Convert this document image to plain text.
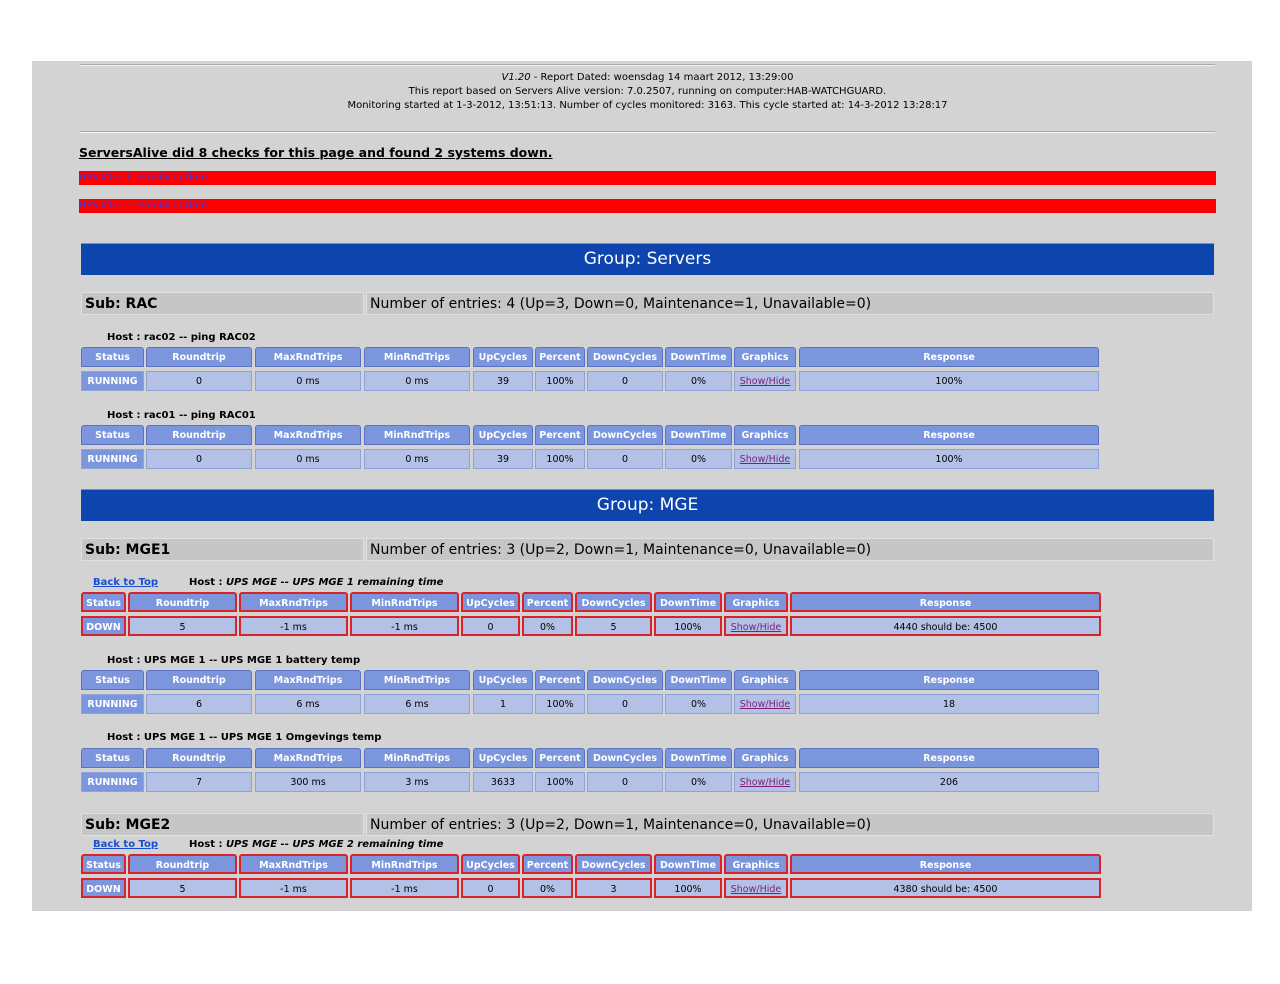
V1.20 - Report Dated: woensdag 14 maart 2012, 13:29:00
This report based on Servers Alive version: 7.0.2507, running on computer:HAB-WATCHGUARD.
Monitoring started at 1-3-2012, 13:51:13. Number of cycles monitored: 3163. This cycle started at: 14-3-2012 13:28:17
ServersAlive did 8 checks for this page and found 2 systems down.
UPS MGE 1 remaining time
UPS MGE 2 remaining time
Group: Servers
Sub: RAC	Number of entries: 4 (Up=3, Down=0, Maintenance=1, Unavailable=0)
Host : rac02 -- ping RAC02
Status	Roundtrip	MaxRndTrips	MinRndTrips	UpCycles	Percent	DownCycles	DownTime	Graphics	Response
RUNNING	0	0 ms	0 ms	39	100%	0	0%	Show/Hide	100%
Host : rac01 -- ping RAC01
Status	Roundtrip	MaxRndTrips	MinRndTrips	UpCycles	Percent	DownCycles	DownTime	Graphics	Response
RUNNING	0	0 ms	0 ms	39	100%	0	0%	Show/Hide	100%
Group: MGE
Sub: MGE1	Number of entries: 3 (Up=2, Down=1, Maintenance=0, Unavailable=0)
Back to Top	Host : UPS MGE -- UPS MGE 1 remaining time
Status	Roundtrip	MaxRndTrips	MinRndTrips	UpCycles	Percent	DownCycles	DownTime	Graphics	Response
DOWN	5	-1 ms	-1 ms	0	0%	5	100%	Show/Hide	4440 should be: 4500
Host : UPS MGE 1 -- UPS MGE 1 battery temp
Status	Roundtrip	MaxRndTrips	MinRndTrips	UpCycles	Percent	DownCycles	DownTime	Graphics	Response
RUNNING	6	6 ms	6 ms	1	100%	0	0%	Show/Hide	18
Host : UPS MGE 1 -- UPS MGE 1 Omgevings temp
Status	Roundtrip	MaxRndTrips	MinRndTrips	UpCycles	Percent	DownCycles	DownTime	Graphics	Response
RUNNING	7	300 ms	3 ms	3633	100%	0	0%	Show/Hide	206
Sub: MGE2	Number of entries: 3 (Up=2, Down=1, Maintenance=0, Unavailable=0)
Back to Top	Host : UPS MGE -- UPS MGE 2 remaining time
Status	Roundtrip	MaxRndTrips	MinRndTrips	UpCycles	Percent	DownCycles	DownTime	Graphics	Response
DOWN	5	-1 ms	-1 ms	0	0%	3	100%	Show/Hide	4380 should be: 4500
